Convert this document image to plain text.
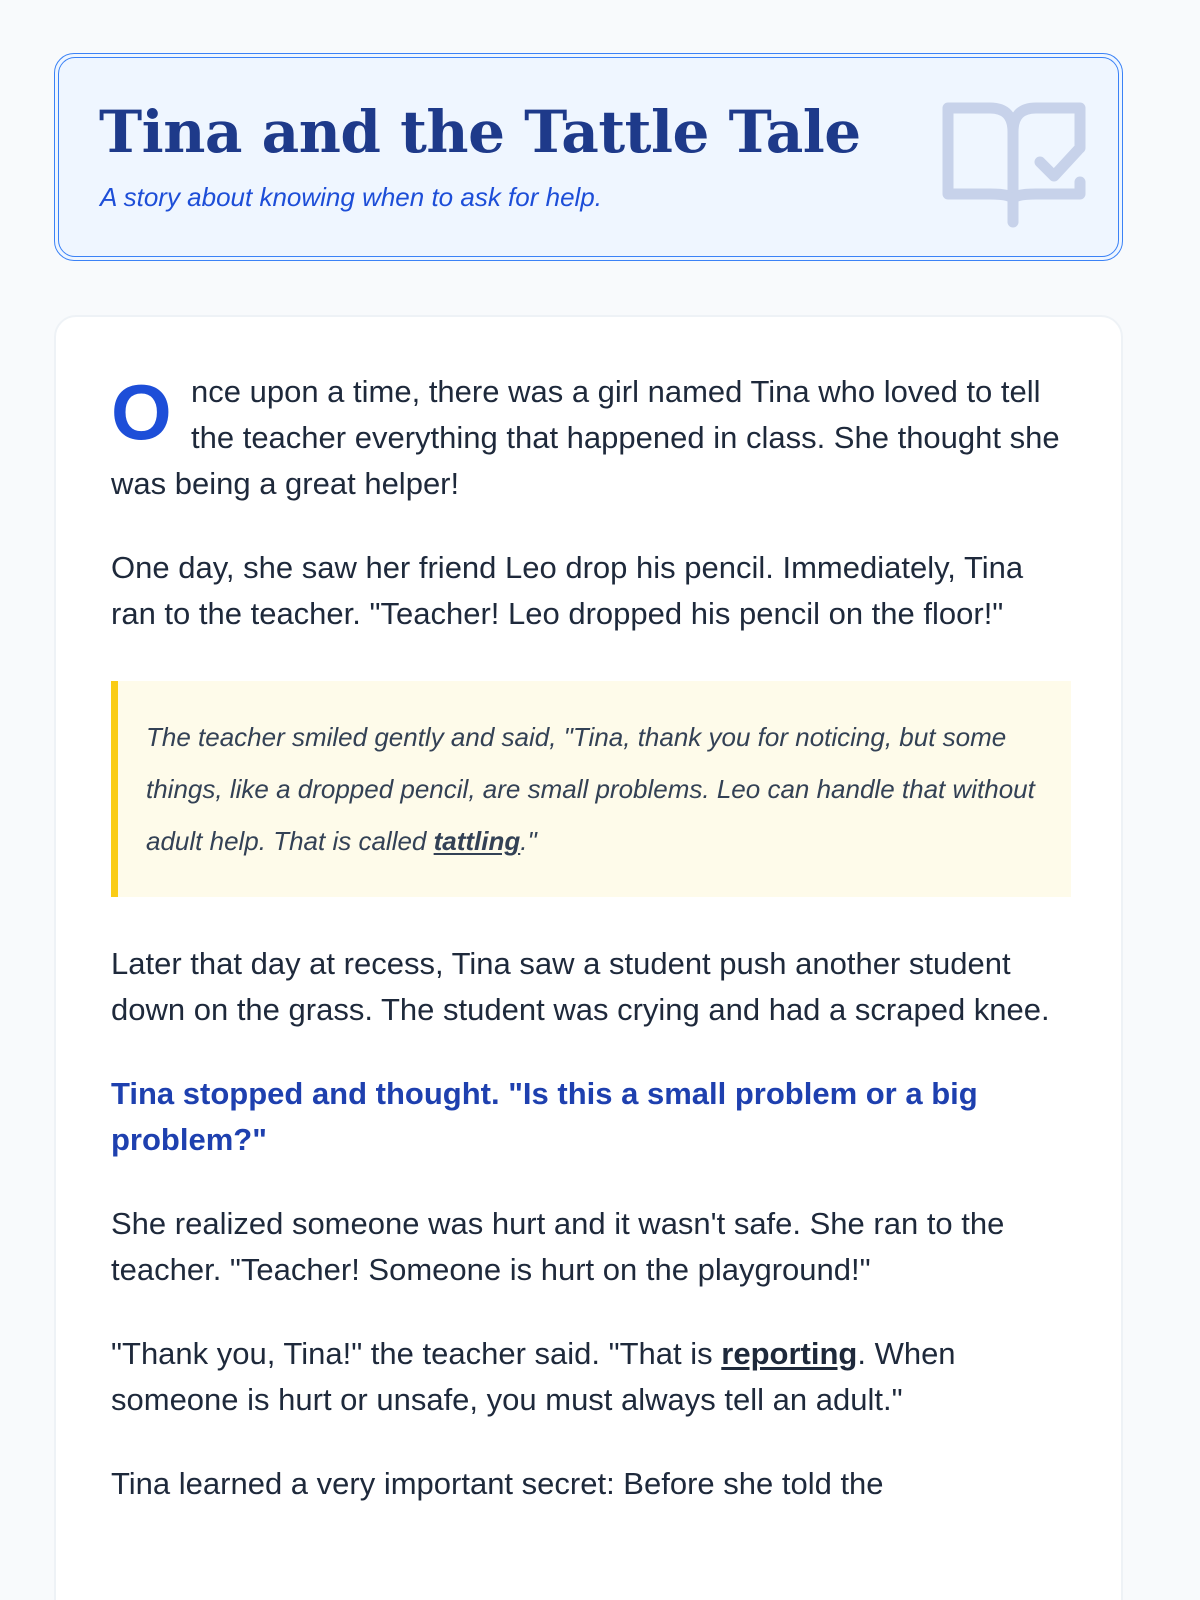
Tina and the Tattle Tale

A story about knowing when to ask for help.

Once upon a time, there was a girl named Tina who loved to tell the teacher everything that happened in class. She thought she was being a great helper!

One day, she saw her friend Leo drop his pencil. Immediately, Tina ran to the teacher. "Teacher! Leo dropped his pencil on the floor!"

The teacher smiled gently and said, "Tina, thank you for noticing, but some things, like a dropped pencil, are small problems. Leo can handle that without adult help. That is called tattling."

Later that day at recess, Tina saw a student push another student down on the grass. The student was crying and had a scraped knee.

Tina stopped and thought. "Is this a small problem or a big problem?"

She realized someone was hurt and it wasn't safe. She ran to the teacher. "Teacher! Someone is hurt on the playground!"

"Thank you, Tina!" the teacher said. "That is reporting. When someone is hurt or unsafe, you must always tell an adult."

Tina learned a very important secret: Before she told the
